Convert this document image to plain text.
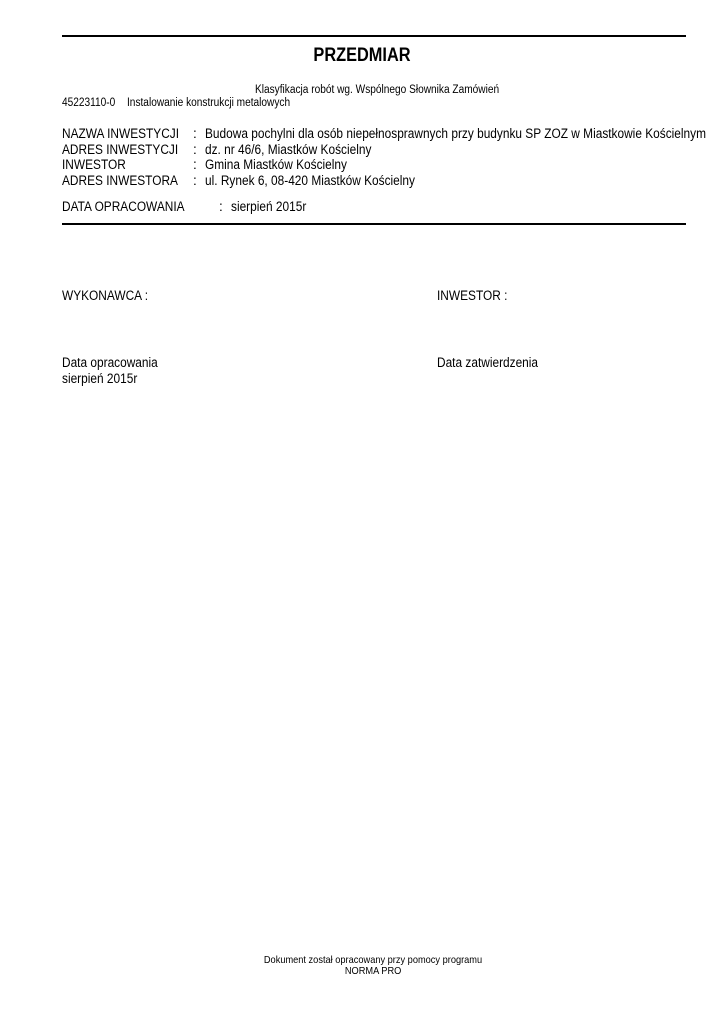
PRZEDMIAR
Klasyfikacja robót wg. Wspólnego Słownika Zamówień
45223110-0	Instalowanie konstrukcji metalowych
NAZWA INWESTYCJI	: Budowa pochylni dla osób niepełnosprawnych przy budynku SP ZOZ w Miastkowie Kościelnym
ADRES INWESTYCJI	: dz. nr 46/6, Miastków Kościelny
INWESTOR	: Gmina Miastków Kościelny
ADRES INWESTORA	: ul. Rynek 6, 08-420 Miastków Kościelny
DATA OPRACOWANIA	: sierpień 2015r
WYKONAWCA :	INWESTOR :
Data opracowania
sierpień 2015r
Data zatwierdzenia
Dokument został opracowany przy pomocy programu
NORMA PRO
